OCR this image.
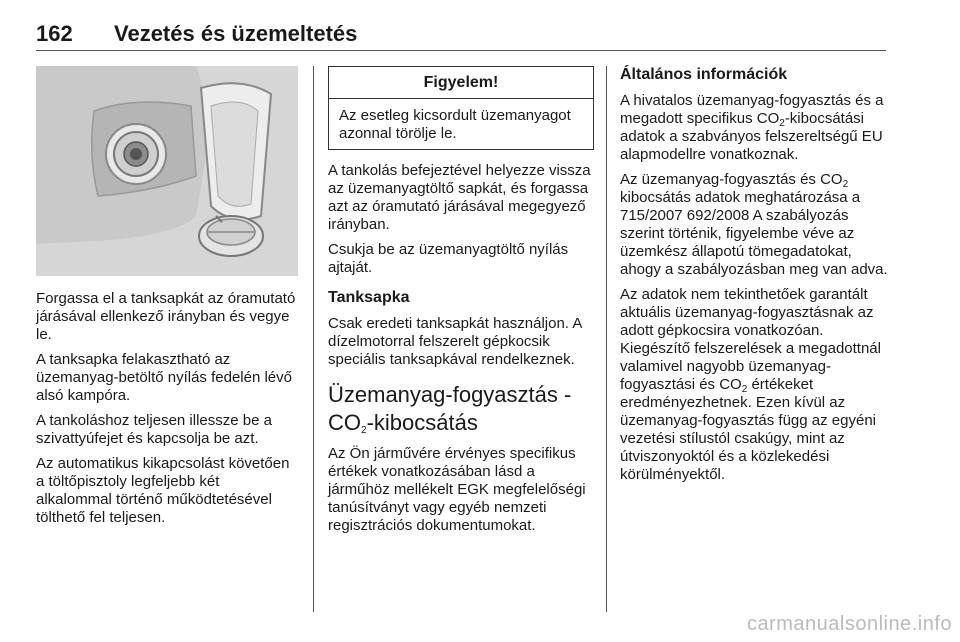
162 Vezetés és üzemeltetés

Forgassa el a tanksapkát az óramutató járásával ellenkező irányban és vegye le.

A tanksapka felakasztható az üzemanyag-betöltő nyílás fedelén lévő alsó kampóra.

A tankoláshoz teljesen illessze be a szivattyúfejet és kapcsolja be azt.

Az automatikus kikapcsolást követően a töltőpisztoly legfeljebb két alkalommal történő működtetésével tölthető fel teljesen.

Figyelem!
Az esetleg kicsordult üzemanyagot azonnal törölje le.

A tankolás befejeztével helyezze vissza az üzemanyagtöltő sapkát, és forgassa azt az óramutató járásával megegyező irányban.

Csukja be az üzemanyagtöltő nyílás ajtaját.

Tanksapka

Csak eredeti tanksapkát használjon. A dízelmotorral felszerelt gépkocsik speciális tanksapkával rendelkeznek.

Üzemanyag-fogyasztás -
$CO_2$-kibocsátás

Az Ön járművére érvényes specifikus értékek vonatkozásában lásd a járműhöz mellékelt EGK megfelelőségi tanúsítványt vagy egyéb nemzeti regisztrációs dokumentumokat.

Általános információk

A hivatalos üzemanyag-fogyasztás és a megadott specifikus $CO_2$-kibocsátási adatok a szabványos felszereltségű EU alapmodellre vonatkoznak.

Az üzemanyag-fogyasztás és $CO_2$ kibocsátás adatok meghatározása a 715/2007 692/2008 A szabályozás szerint történik, figyelembe véve az üzemkész állapotú tömegadatokat, ahogy a szabályozásban meg van adva.

Az adatok nem tekinthetőek garantált aktuális üzemanyag-fogyasztásnak az adott gépkocsira vonatkozóan. Kiegészítő felszerelések a megadottnál valamivel nagyobb üzemanyag-fogyasztási és $CO_2$ értékeket eredményezhetnek. Ezen kívül az üzemanyag-fogyasztás függ az egyéni vezetési stílustól csakúgy, mint az útviszonyoktól és a közlekedési körülményektől.

carmanualsonline.info
